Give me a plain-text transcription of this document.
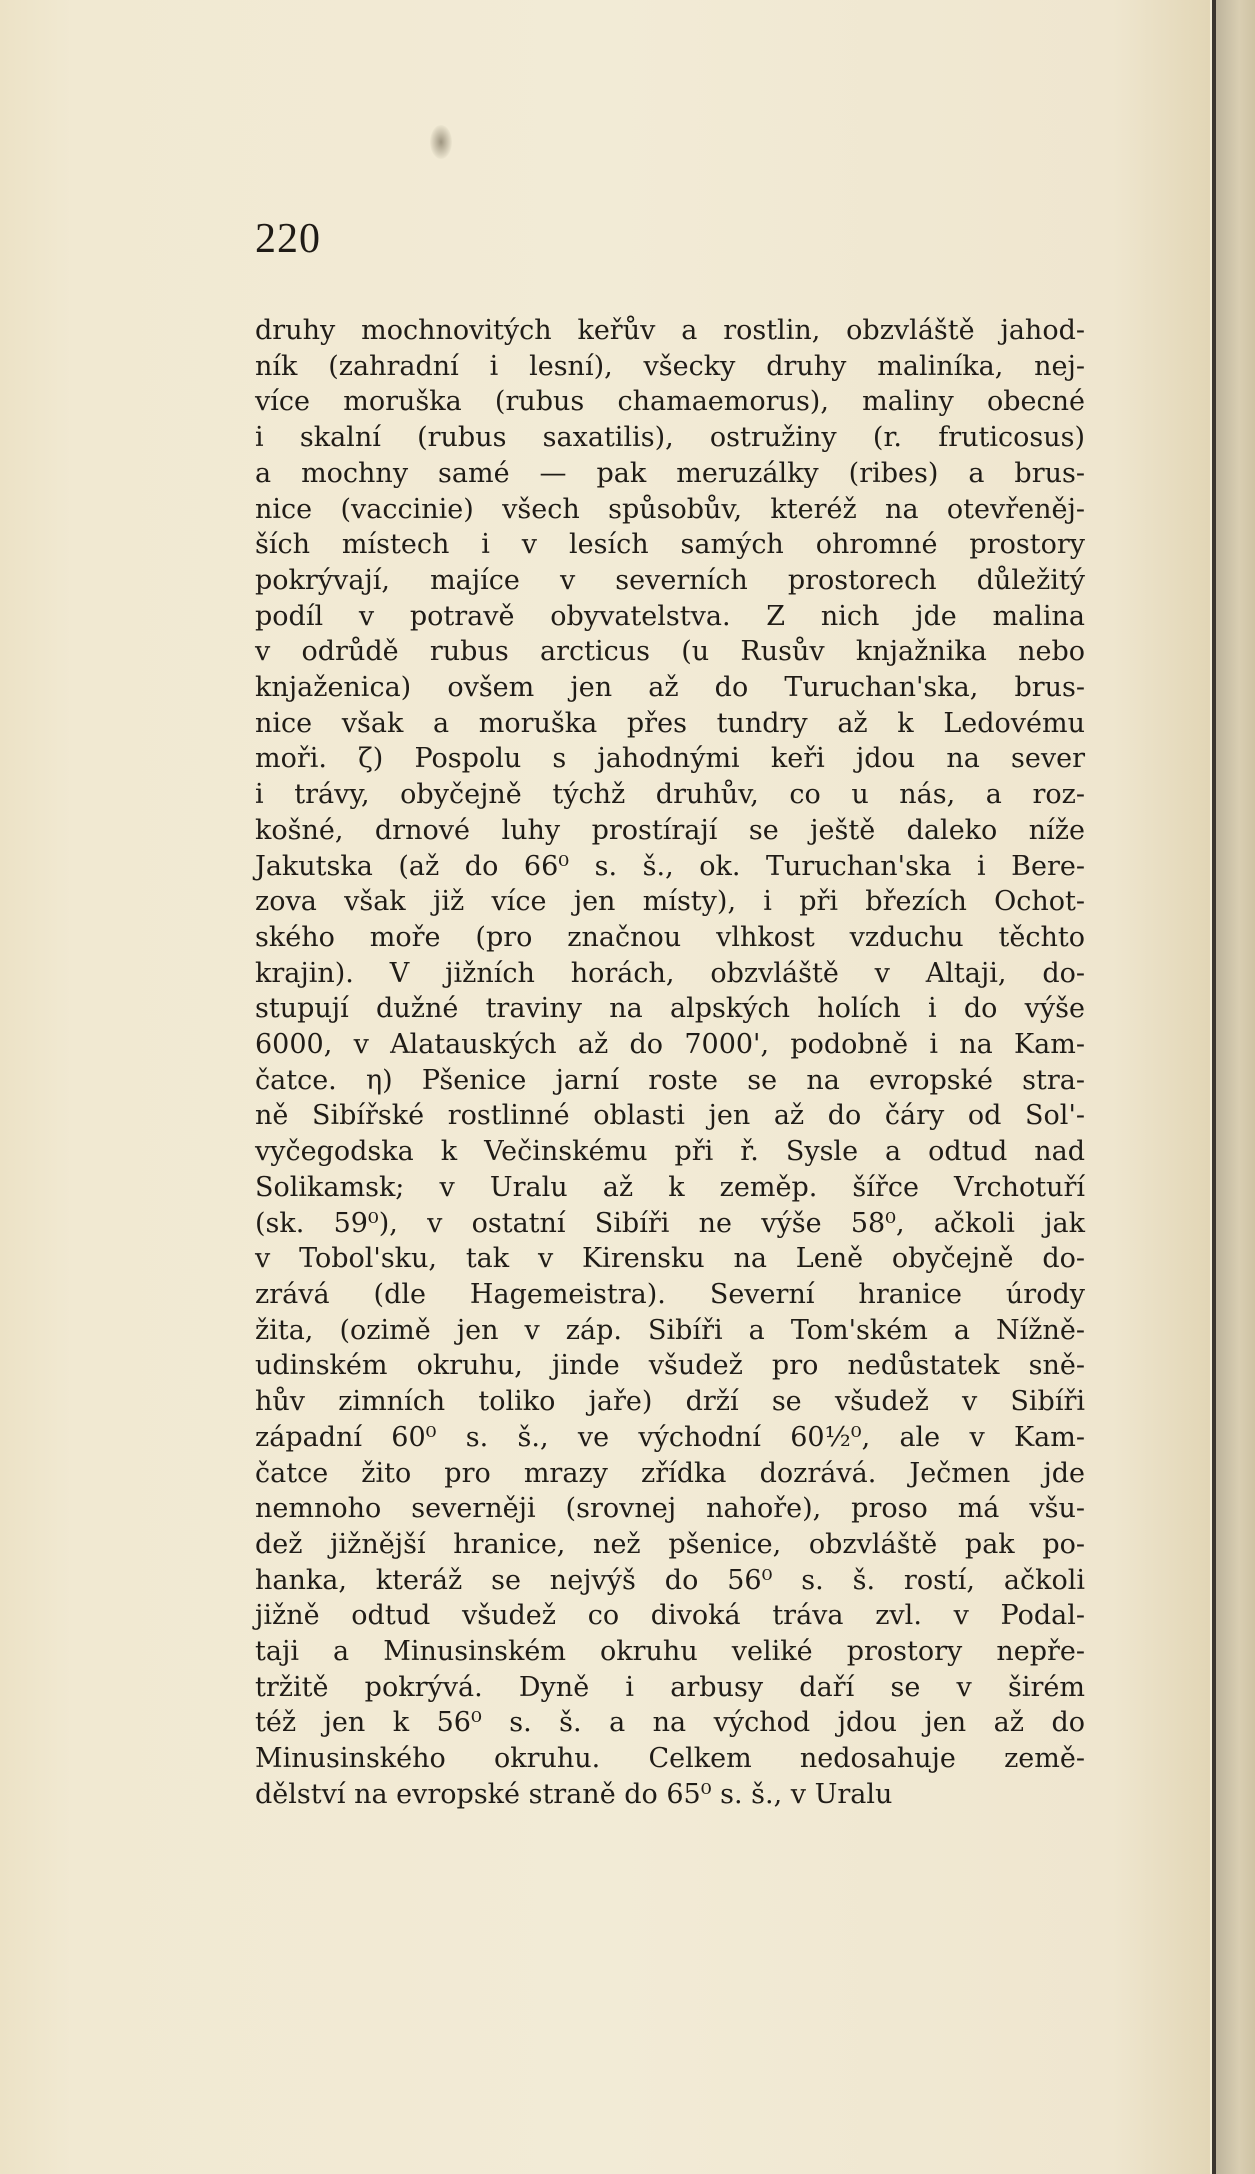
220
druhy mochnovitých keřův a rostlin, obzvláště jahod-
ník (zahradní i lesní), všecky druhy maliníka, nej-
více moruška (rubus chamaemorus), maliny obecné
i skalní (rubus saxatilis), ostružiny (r. fruticosus)
a mochny samé — pak meruzálky (ribes) a brus-
nice (vaccinie) všech spůsobův, kteréž na otevřeněj-
ších místech i v lesích samých ohromné prostory
pokrývají, majíce v severních prostorech důležitý
podíl v potravě obyvatelstva. Z nich jde malina
v odrůdě rubus arcticus (u Rusův knjažnika nebo
knjaženica) ovšem jen až do Turuchan'ska, brus-
nice však a moruška přes tundry až k Ledovému
moři. ζ) Pospolu s jahodnými keři jdou na sever
i trávy, obyčejně týchž druhův, co u nás, a roz-
košné, drnové luhy prostírají se ještě daleko níže
Jakutska (až do 66⁰ s. š., ok. Turuchan'ska i Bere-
zova však již více jen místy), i při březích Ochot-
ského moře (pro značnou vlhkost vzduchu těchto
krajin). V jižních horách, obzvláště v Altaji, do-
stupují dužné traviny na alpských holích i do výše
6000, v Alatauských až do 7000', podobně i na Kam-
čatce. η) Pšenice jarní roste se na evropské stra-
ně Sibířské rostlinné oblasti jen až do čáry od Sol'-
vyčegodska k Večinskému při ř. Sysle a odtud nad
Solikamsk; v Uralu až k zeměp. šířce Vrchotuří
(sk. 59⁰), v ostatní Sibíři ne výše 58⁰, ačkoli jak
v Tobol'sku, tak v Kirensku na Leně obyčejně do-
zrává (dle Hagemeistra). Severní hranice úrody
žita, (ozimě jen v záp. Sibíři a Tom'ském a Nížně-
udinském okruhu, jinde všudež pro nedůstatek sně-
hův zimních toliko jaře) drží se všudež v Sibíři
západní 60⁰ s. š., ve východní 60½⁰, ale v Kam-
čatce žito pro mrazy zřídka dozrává. Ječmen jde
nemnoho severněji (srovnej nahoře), proso má všu-
dež jižnější hranice, než pšenice, obzvláště pak po-
hanka, kteráž se nejvýš do 56⁰ s. š. rostí, ačkoli
jižně odtud všudež co divoká tráva zvl. v Podal-
taji a Minusinském okruhu veliké prostory nepře-
tržitě pokrývá. Dyně i arbusy daří se v širém
též jen k 56⁰ s. š. a na východ jdou jen až do
Minusinského okruhu. Celkem nedosahuje země-
dělství na evropské straně do 65⁰ s. š., v Uralu
